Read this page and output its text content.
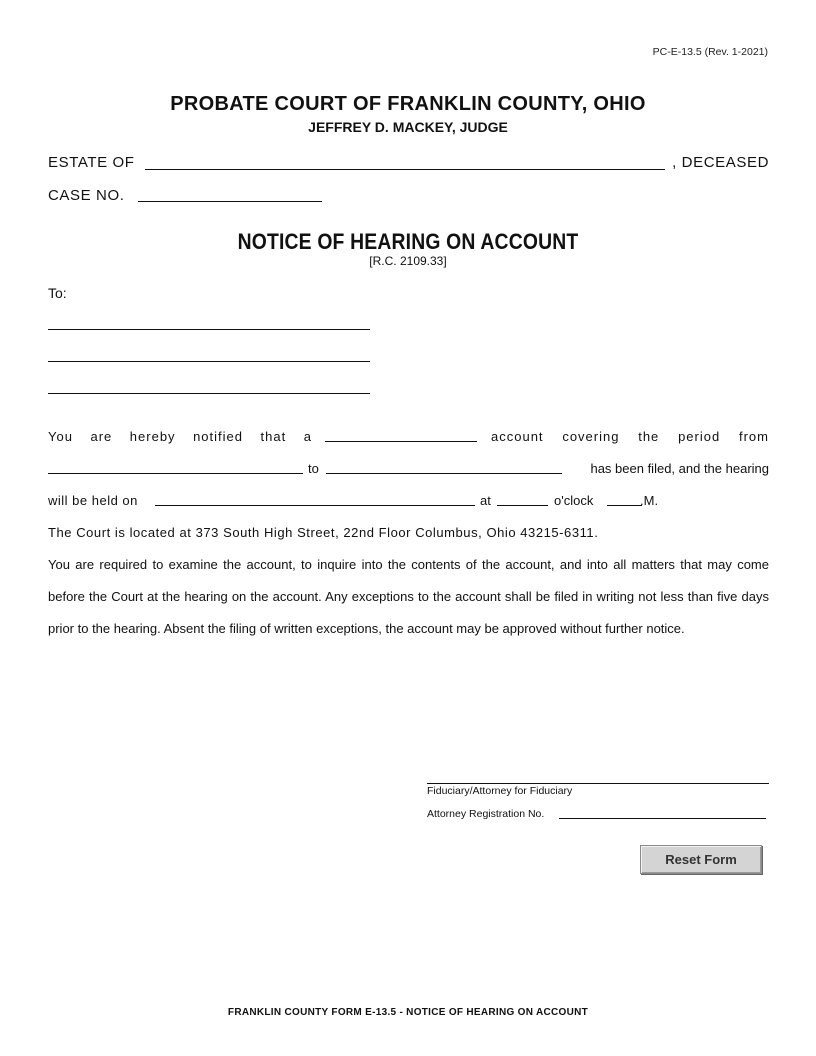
PC-E-13.5 (Rev. 1-2021)
PROBATE COURT OF FRANKLIN COUNTY, OHIO
JEFFREY D. MACKEY, JUDGE
ESTATE OF	, DECEASED
CASE NO.
NOTICE OF HEARING ON ACCOUNT
[R.C. 2109.33]
To:
You are hereby notified that a	account covering the period from
to	has been filed, and the hearing
will be held on	at	o'clock	.M.
The Court is located at 373 South High Street, 22nd Floor Columbus, Ohio 43215-6311.
You are required to examine the account, to inquire into the contents of the account, and into all matters that may come before the Court at the hearing on the account. Any exceptions to the account shall be filed in writing not less than five days prior to the hearing. Absent the filing of written exceptions, the account may be approved without further notice.
Fiduciary/Attorney for Fiduciary
Attorney Registration No.
Reset Form
FRANKLIN COUNTY FORM E-13.5 - NOTICE OF HEARING ON ACCOUNT
